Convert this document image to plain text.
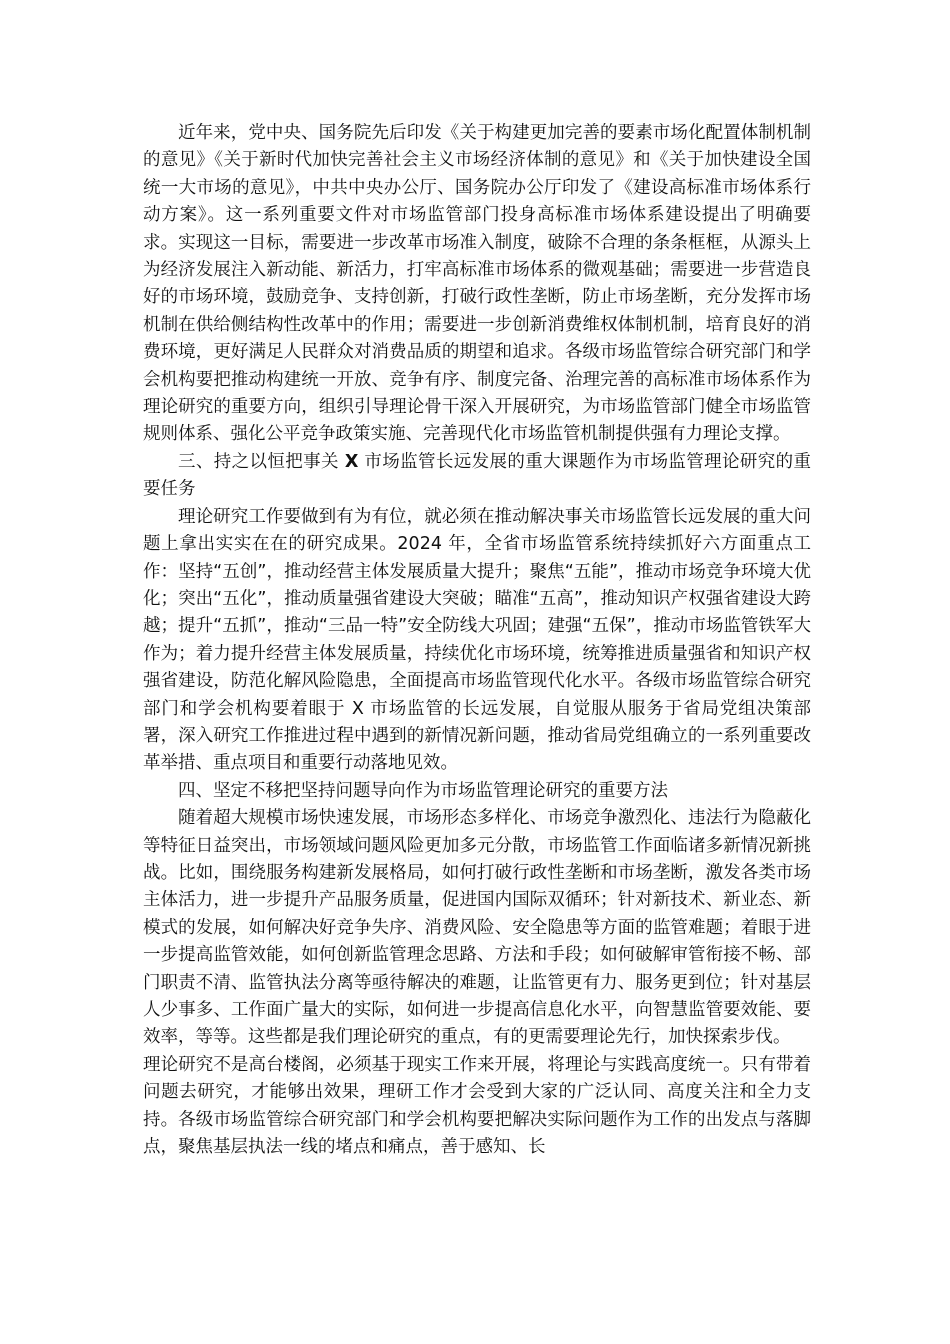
近年来，党中央、国务院先后印发《关于构建更加完善的要素市场化配置体制机制的意见》《关于新时代加快完善社会主义市场经济体制的意见》和《关于加快建设全国统一大市场的意见》，中共中央办公厅、国务院办公厅印发了《建设高标准市场体系行动方案》。这一系列重要文件对市场监管部门投身高标准市场体系建设提出了明确要求。实现这一目标，需要进一步改革市场准入制度，破除不合理的条条框框，从源头上为经济发展注入新动能、新活力，打牢高标准市场体系的微观基础；需要进一步营造良好的市场环境，鼓励竞争、支持创新，打破行政性垄断，防止市场垄断，充分发挥市场机制在供给侧结构性改革中的作用；需要进一步创新消费维权体制机制，培育良好的消费环境，更好满足人民群众对消费品质的期望和追求。各级市场监管综合研究部门和学会机构要把推动构建统一开放、竞争有序、制度完备、治理完善的高标准市场体系作为理论研究的重要方向，组织引导理论骨干深入开展研究，为市场监管部门健全市场监管规则体系、强化公平竞争政策实施、完善现代化市场监管机制提供强有力理论支撑。

三、持之以恒把事关 X 市场监管长远发展的重大课题作为市场监管理论研究的重要任务

理论研究工作要做到有为有位，就必须在推动解决事关市场监管长远发展的重大问题上拿出实实在在的研究成果。2024 年，全省市场监管系统持续抓好六方面重点工作：坚持“五创”，推动经营主体发展质量大提升；聚焦“五能”，推动市场竞争环境大优化；突出“五化”，推动质量强省建设大突破；瞄准“五高”，推动知识产权强省建设大跨越；提升“五抓”，推动“三品一特”安全防线大巩固；建强“五保”，推动市场监管铁军大作为；着力提升经营主体发展质量，持续优化市场环境，统筹推进质量强省和知识产权强省建设，防范化解风险隐患，全面提高市场监管现代化水平。各级市场监管综合研究部门和学会机构要着眼于 X 市场监管的长远发展，自觉服从服务于省局党组决策部署，深入研究工作推进过程中遇到的新情况新问题，推动省局党组确立的一系列重要改革举措、重点项目和重要行动落地见效。

四、坚定不移把坚持问题导向作为市场监管理论研究的重要方法

随着超大规模市场快速发展，市场形态多样化、市场竞争激烈化、违法行为隐蔽化等特征日益突出，市场领域问题风险更加多元分散，市场监管工作面临诸多新情况新挑战。比如，围绕服务构建新发展格局，如何打破行政性垄断和市场垄断，激发各类市场主体活力，进一步提升产品服务质量，促进国内国际双循环；针对新技术、新业态、新模式的发展，如何解决好竞争失序、消费风险、安全隐患等方面的监管难题；着眼于进一步提高监管效能，如何创新监管理念思路、方法和手段；如何破解审管衔接不畅、部门职责不清、监管执法分离等亟待解决的难题，让监管更有力、服务更到位；针对基层人少事多、工作面广量大的实际，如何进一步提高信息化水平，向智慧监管要效能、要效率，等等。这些都是我们理论研究的重点，有的更需要理论先行，加快探索步伐。

理论研究不是高台楼阁，必须基于现实工作来开展，将理论与实践高度统一。只有带着问题去研究，才能够出效果，理研工作才会受到大家的广泛认同、高度关注和全力支持。各级市场监管综合研究部门和学会机构要把解决实际问题作为工作的出发点与落脚点，聚焦基层执法一线的堵点和痛点，善于感知、长
